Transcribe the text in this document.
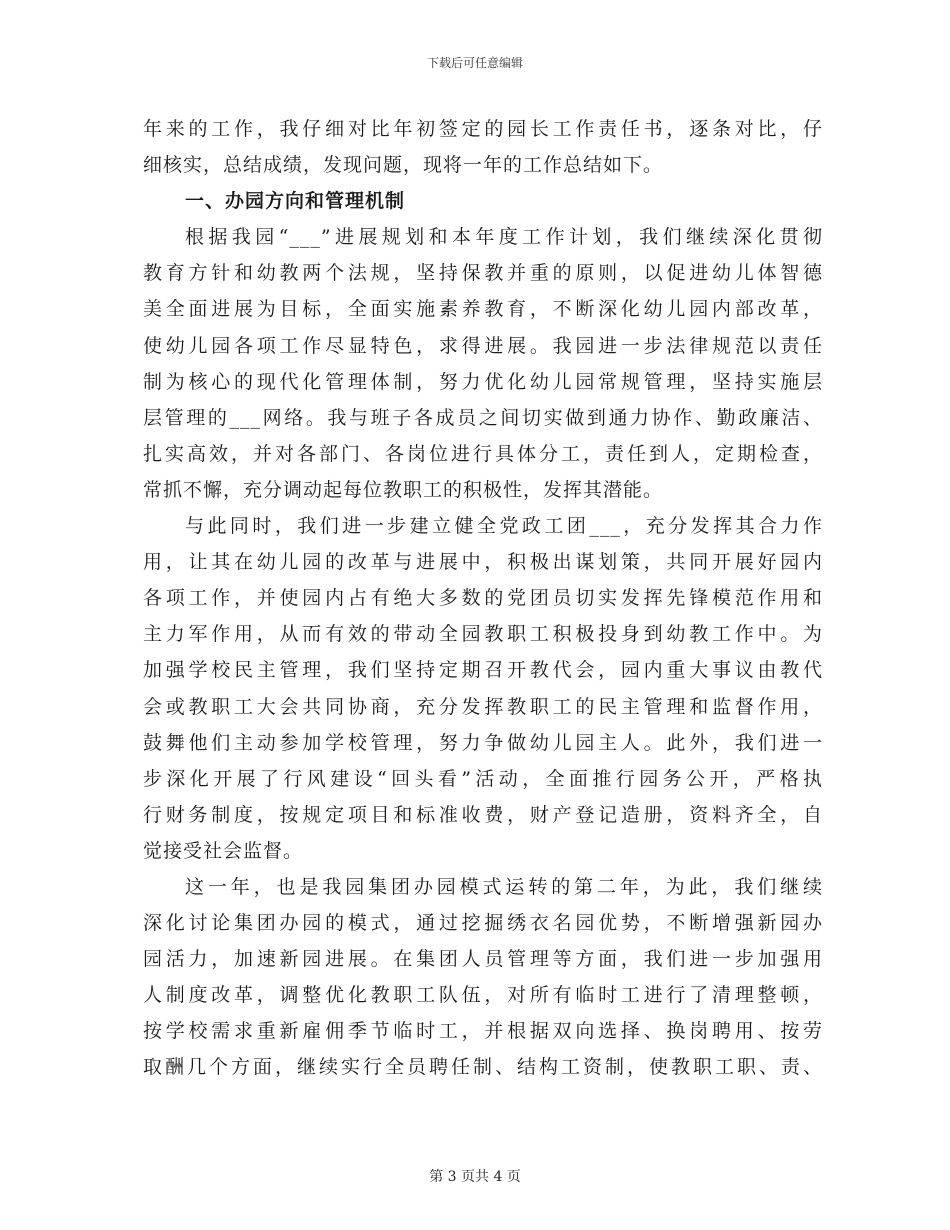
下载后可任意编辑
年来的工作，我仔细对比年初签定的园长工作责任书，逐条对比，仔
细核实，总结成绩，发现问题，现将一年的工作总结如下。
一、办园方向和管理机制
根据我园“___”进展规划和本年度工作计划，我们继续深化贯彻
教育方针和幼教两个法规，坚持保教并重的原则，以促进幼儿体智德
美全面进展为目标，全面实施素养教育，不断深化幼儿园内部改革，
使幼儿园各项工作尽显特色，求得进展。我园进一步法律规范以责任
制为核心的现代化管理体制，努力优化幼儿园常规管理，坚持实施层
层管理的___网络。我与班子各成员之间切实做到通力协作、勤政廉洁、
扎实高效，并对各部门、各岗位进行具体分工，责任到人，定期检查，
常抓不懈，充分调动起每位教职工的积极性，发挥其潜能。
与此同时，我们进一步建立健全党政工团___，充分发挥其合力作
用，让其在幼儿园的改革与进展中，积极出谋划策，共同开展好园内
各项工作，并使园内占有绝大多数的党团员切实发挥先锋模范作用和
主力军作用，从而有效的带动全园教职工积极投身到幼教工作中。为
加强学校民主管理，我们坚持定期召开教代会，园内重大事议由教代
会或教职工大会共同协商，充分发挥教职工的民主管理和监督作用，
鼓舞他们主动参加学校管理，努力争做幼儿园主人。此外，我们进一
步深化开展了行风建设“回头看”活动，全面推行园务公开，严格执
行财务制度，按规定项目和标准收费，财产登记造册，资料齐全，自
觉接受社会监督。
这一年，也是我园集团办园模式运转的第二年，为此，我们继续
深化讨论集团办园的模式，通过挖掘绣衣名园优势，不断增强新园办
园活力，加速新园进展。在集团人员管理等方面，我们进一步加强用
人制度改革，调整优化教职工队伍，对所有临时工进行了清理整顿，
按学校需求重新雇佣季节临时工，并根据双向选择、换岗聘用、按劳
取酬几个方面，继续实行全员聘任制、结构工资制，使教职工职、责、
第 3 页共 4 页
